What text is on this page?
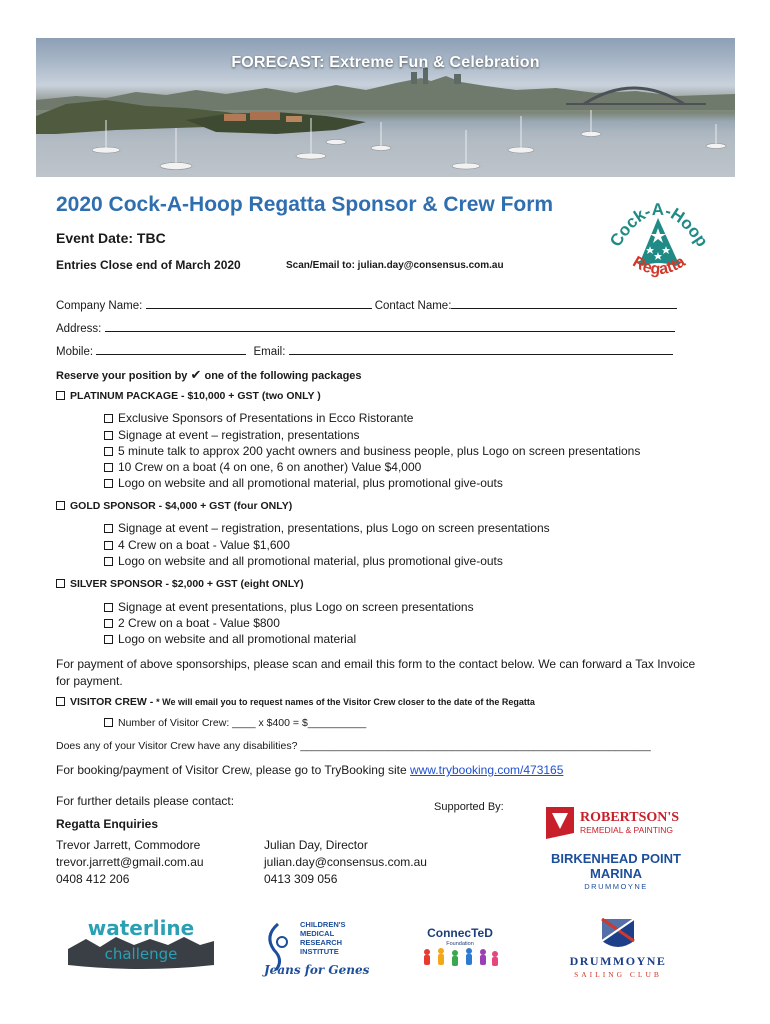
FORECAST: Extreme Fun & Celebration
2020 Cock-A-Hoop Regatta Sponsor & Crew Form
Event Date: TBC
Entries Close end of March 2020	Scan/Email to: julian.day@consensus.com.au
Cock-A-Hoop
Regatta
Company Name:	Contact Name:
Address:
Mobile:	Email:
Reserve your position by ✔ one of the following packages
PLATINUM PACKAGE - $10,000 + GST (two ONLY )
Exclusive Sponsors of Presentations in Ecco Ristorante
Signage at event – registration, presentations
5 minute talk to approx 200 yacht owners and business people, plus Logo on screen presentations
10 Crew on a boat (4 on one, 6 on another) Value $4,000
Logo on website and all promotional material, plus promotional give-outs
GOLD SPONSOR - $4,000 + GST (four ONLY)
Signage at event – registration, presentations, plus Logo on screen presentations
4 Crew on a boat - Value $1,600
Logo on website and all promotional material, plus promotional give-outs
SILVER SPONSOR - $2,000 + GST (eight ONLY)
Signage at event presentations, plus Logo on screen presentations
2 Crew on a boat - Value $800
Logo on website and all promotional material
For payment of above sponsorships, please scan and email this form to the contact below. We can forward a Tax Invoice for payment.
VISITOR CREW - * We will email you to request names of the Visitor Crew closer to the date of the Regatta
Number of Visitor Crew: ____ x $400 = $__________
Does any of your Visitor Crew have any disabilities? ____________________________________________________________
For booking/payment of Visitor Crew, please go to TryBooking site www.trybooking.com/473165
For further details please contact:
Regatta Enquiries
Trevor Jarrett, Commodore
trevor.jarrett@gmail.com.au
0408 412 206
Julian Day, Director
julian.day@consensus.com.au
0413 309 056
Supported By:
ROBERTSON'S
REMEDIAL & PAINTING
BIRKENHEAD POINT
MARINA
DRUMMOYNE
waterline
challenge
CHILDREN'S
MEDICAL
RESEARCH
INSTITUTE
Jeans for Genes
ConnecTeD
Foundation
DRUMMOYNE
SAILING CLUB
